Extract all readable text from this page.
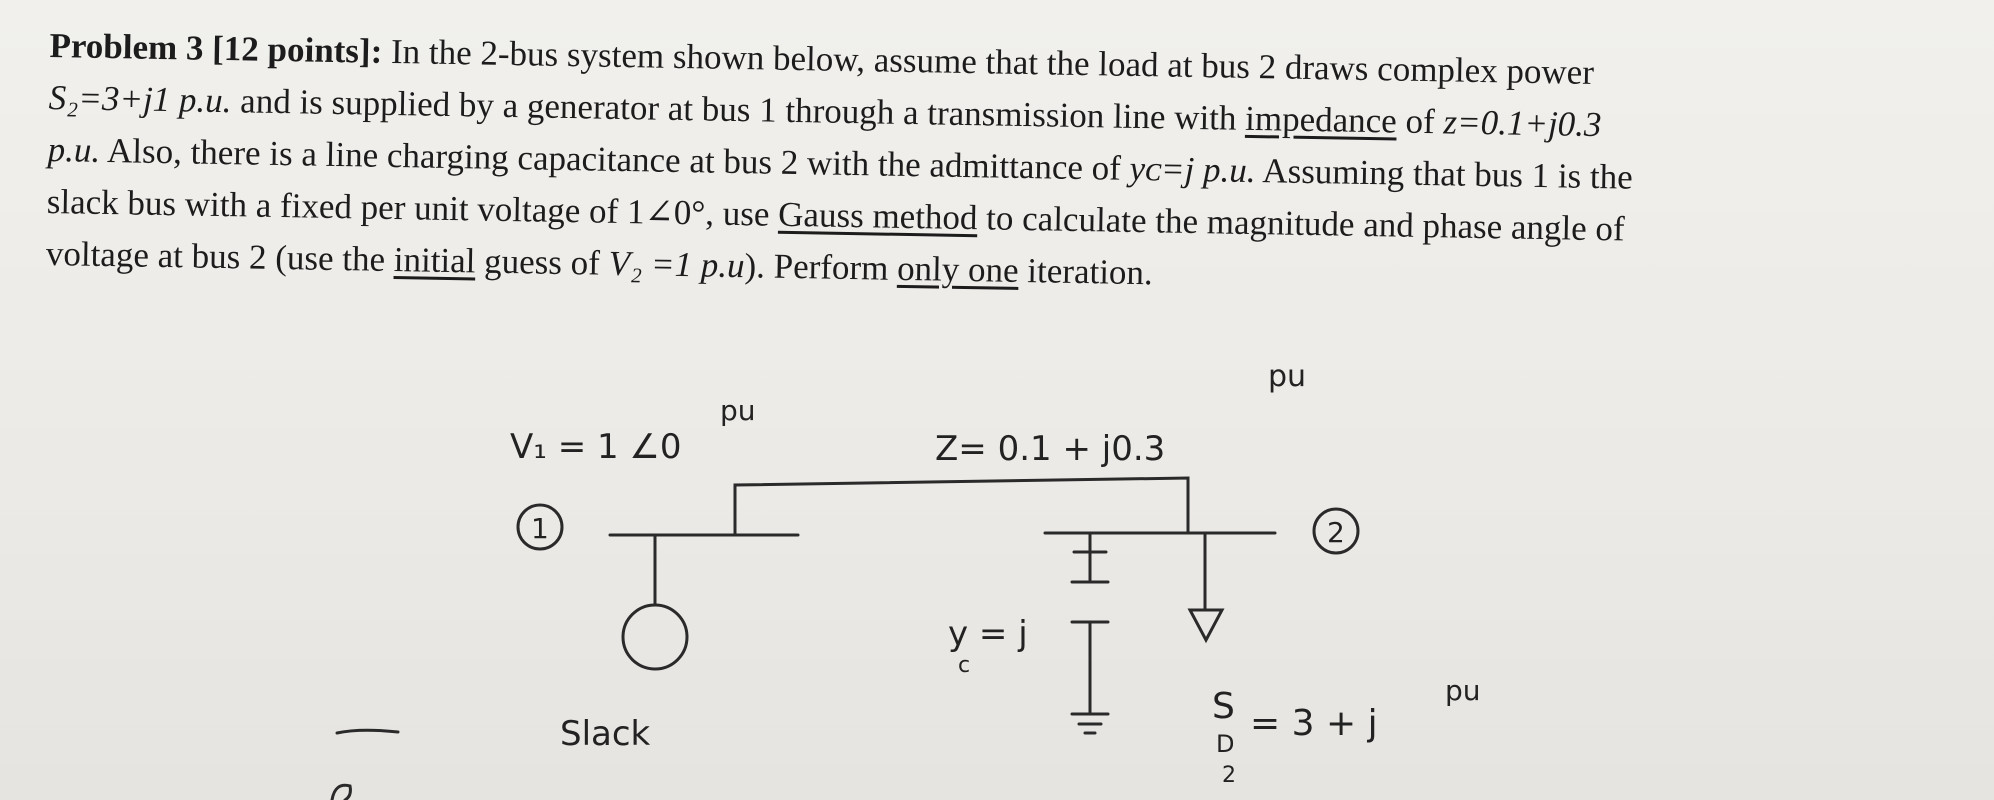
Problem 3 [12 points]: In the 2-bus system shown below, assume that the load at bus 2 draws complex power
S₂=3+j1 p.u. and is supplied by a generator at bus 1 through a transmission line with impedance of z=0.1+j0.3
p.u. Also, there is a line charging capacitance at bus 2 with the admittance of yᴄ=j p.u. Assuming that bus 1 is the
slack bus with a fixed per unit voltage of 1∠0°, use Gauss method to calculate the magnitude and phase angle of
voltage at bus 2 (use the initial guess of V₂ =1 p.u). Perform only one iteration.
V₁ = 1 ∠0
pu
Z= 0.1 + j0.3
pu
1	2
y = j
c
Slack
S
D
2
= 3 + j
pu
